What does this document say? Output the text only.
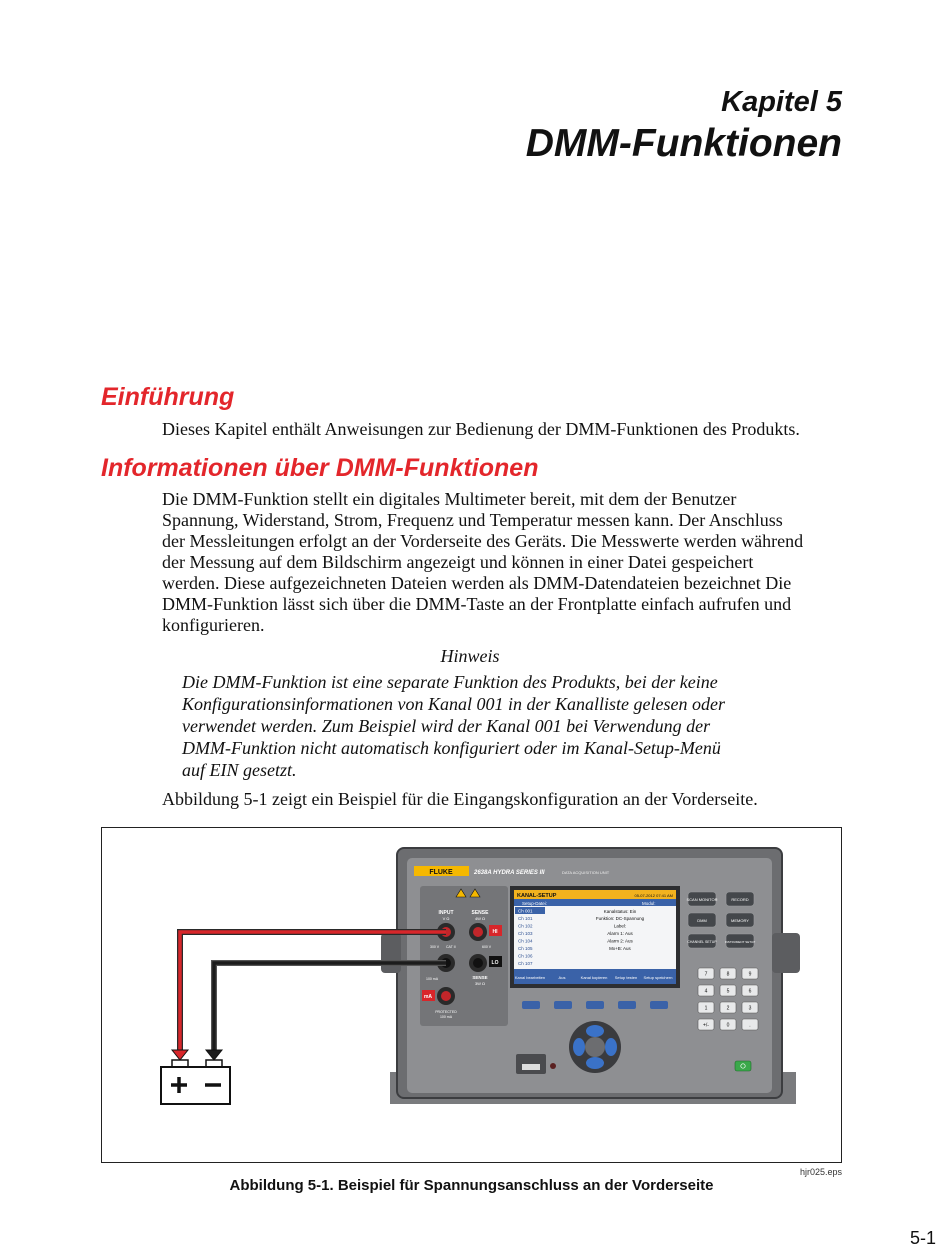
Kapitel 5
DMM-Funktionen
Einführung
Dieses Kapitel enthält Anweisungen zur Bedienung der DMM-Funktionen des Produkts.
Informationen über DMM-Funktionen
Die DMM-Funktion stellt ein digitales Multimeter bereit, mit dem der Benutzer
Spannung, Widerstand, Strom, Frequenz und Temperatur messen kann. Der Anschluss
der Messleitungen erfolgt an der Vorderseite des Geräts. Die Messwerte werden während
der Messung auf dem Bildschirm angezeigt und können in einer Datei gespeichert
werden. Diese aufgezeichneten Dateien werden als DMM-Datendateien bezeichnet Die
DMM-Funktion lässt sich über die DMM-Taste an der Frontplatte einfach aufrufen und
konfigurieren.
Hinweis
Die DMM-Funktion ist eine separate Funktion des Produkts, bei der keine
Konfigurationsinformationen von Kanal 001 in der Kanalliste gelesen oder
verwendet werden. Zum Beispiel wird der Kanal 001 bei Verwendung der
DMM-Funktion nicht automatisch konfiguriert oder im Kanal-Setup-Menü
auf EIN gesetzt.
Abbildung 5-1 zeigt ein Beispiel für die Eingangskonfiguration an der Vorderseite.
FLUKE	2638A HYDRA SERIES III	DATA ACQUISITION UNIT
INPUT
V Ω
SENSE
4W Ω
HI
300 V CAT II	600 V
LO
SENSE
3W Ω
100 mA
mA
PROTECTED
100 mA
KANAL-SETUP	05-07-2012 07:41 AM
Setup-Datei:	Modul:
Ch 001
Ch 101
Ch 102
Ch 103
Ch 104
Ch 105
Ch 106
Ch 107
Kanalstatus: Ein
Funktion: DC-Spannung
Label:
Alarm 1: Aus
Alarm 2: Aus
Mx+B: Aus
Kanal bearbeiten	Aus	Kanal kopieren Setup testen Setup speichern
SCAN MONITOR	RECORD
DMM	MEMORY
CHANNEL SETUP	INSTRUMENT SETUP
7	8	9
4	5	6
1	2	3
+/-	0	.
hjr025.eps
Abbildung 5-1. Beispiel für Spannungsanschluss an der Vorderseite
5-1
